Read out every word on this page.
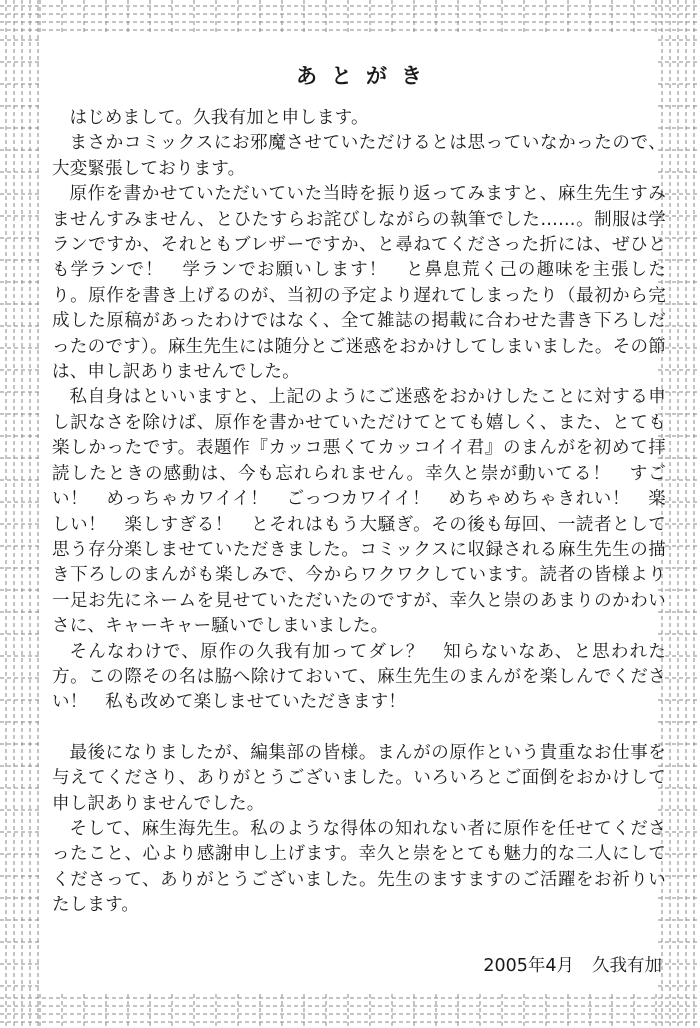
あとがき

はじめまして。久我有加と申します。

まさかコミックスにお邪魔させていただけるとは思っていなかったので、大変緊張しております。

原作を書かせていただいていた当時を振り返ってみますと、麻生先生すみませんすみません、とひたすらお詫びしながらの執筆でした……。制服は学ランですか、それともブレザーですか、と尋ねてくださった折には、ぜひとも学ランで！　学ランでお願いします！　と鼻息荒く己の趣味を主張したり。原作を書き上げるのが、当初の予定より遅れてしまったり（最初から完成した原稿があったわけではなく、全て雑誌の掲載に合わせた書き下ろしだったのです）。麻生先生には随分とご迷惑をおかけしてしまいました。その節は、申し訳ありませんでした。

私自身はといいますと、上記のようにご迷惑をおかけしたことに対する申し訳なさを除けば、原作を書かせていただけてとても嬉しく、また、とても楽しかったです。表題作『カッコ悪くてカッコイイ君』のまんがを初めて拝読したときの感動は、今も忘れられません。幸久と崇が動いてる！　すごい！　めっちゃカワイイ！　ごっつカワイイ！　めちゃめちゃきれい！　楽しい！　楽しすぎる！　とそれはもう大騒ぎ。その後も毎回、一読者として思う存分楽しませていただきました。コミックスに収録される麻生先生の描き下ろしのまんがも楽しみで、今からワクワクしています。読者の皆様より一足お先にネームを見せていただいたのですが、幸久と崇のあまりのかわいさに、キャーキャー騒いでしまいました。

そんなわけで、原作の久我有加ってダレ？　知らないなあ、と思われた方。この際その名は脇へ除けておいて、麻生先生のまんがを楽しんでください！　私も改めて楽しませていただきます！

最後になりましたが、編集部の皆様。まんがの原作という貴重なお仕事を与えてくださり、ありがとうございました。いろいろとご面倒をおかけして申し訳ありませんでした。

そして、麻生海先生。私のような得体の知れない者に原作を任せてくださったこと、心より感謝申し上げます。幸久と崇をとても魅力的な二人にしてくださって、ありがとうございました。先生のますますのご活躍をお祈りいたします。

2005年4月 久我有加
